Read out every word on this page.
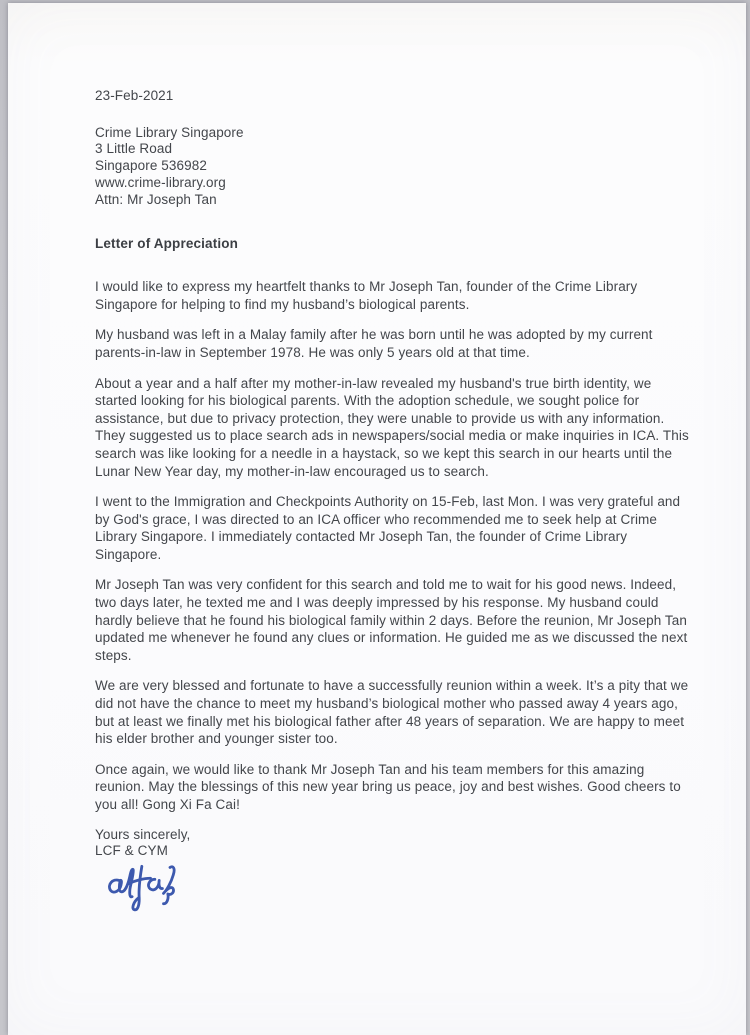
23-Feb-2021
Crime Library Singapore
3 Little Road
Singapore 536982
www.crime-library.org
Attn: Mr Joseph Tan
Letter of Appreciation
I would like to express my heartfelt thanks to Mr Joseph Tan, founder of the Crime Library Singapore for helping to find my husband’s biological parents.
My husband was left in a Malay family after he was born until he was adopted by my current parents-in-law in September 1978. He was only 5 years old at that time.
About a year and a half after my mother-in-law revealed my husband's true birth identity, we started looking for his biological parents. With the adoption schedule, we sought police for assistance, but due to privacy protection, they were unable to provide us with any information. They suggested us to place search ads in newspapers/social media or make inquiries in ICA. This search was like looking for a needle in a haystack, so we kept this search in our hearts until the Lunar New Year day, my mother-in-law encouraged us to search.
I went to the Immigration and Checkpoints Authority on 15-Feb, last Mon. I was very grateful and by God's grace, I was directed to an ICA officer who recommended me to seek help at Crime Library Singapore. I immediately contacted Mr Joseph Tan, the founder of Crime Library Singapore.
Mr Joseph Tan was very confident for this search and told me to wait for his good news. Indeed, two days later, he texted me and I was deeply impressed by his response. My husband could hardly believe that he found his biological family within 2 days. Before the reunion, Mr Joseph Tan updated me whenever he found any clues or information. He guided me as we discussed the next steps.
We are very blessed and fortunate to have a successfully reunion within a week. It’s a pity that we did not have the chance to meet my husband’s biological mother who passed away 4 years ago, but at least we finally met his biological father after 48 years of separation. We are happy to meet his elder brother and younger sister too.
Once again, we would like to thank Mr Joseph Tan and his team members for this amazing reunion. May the blessings of this new year bring us peace, joy and best wishes. Good cheers to you all! Gong Xi Fa Cai!
Yours sincerely,
LCF & CYM
